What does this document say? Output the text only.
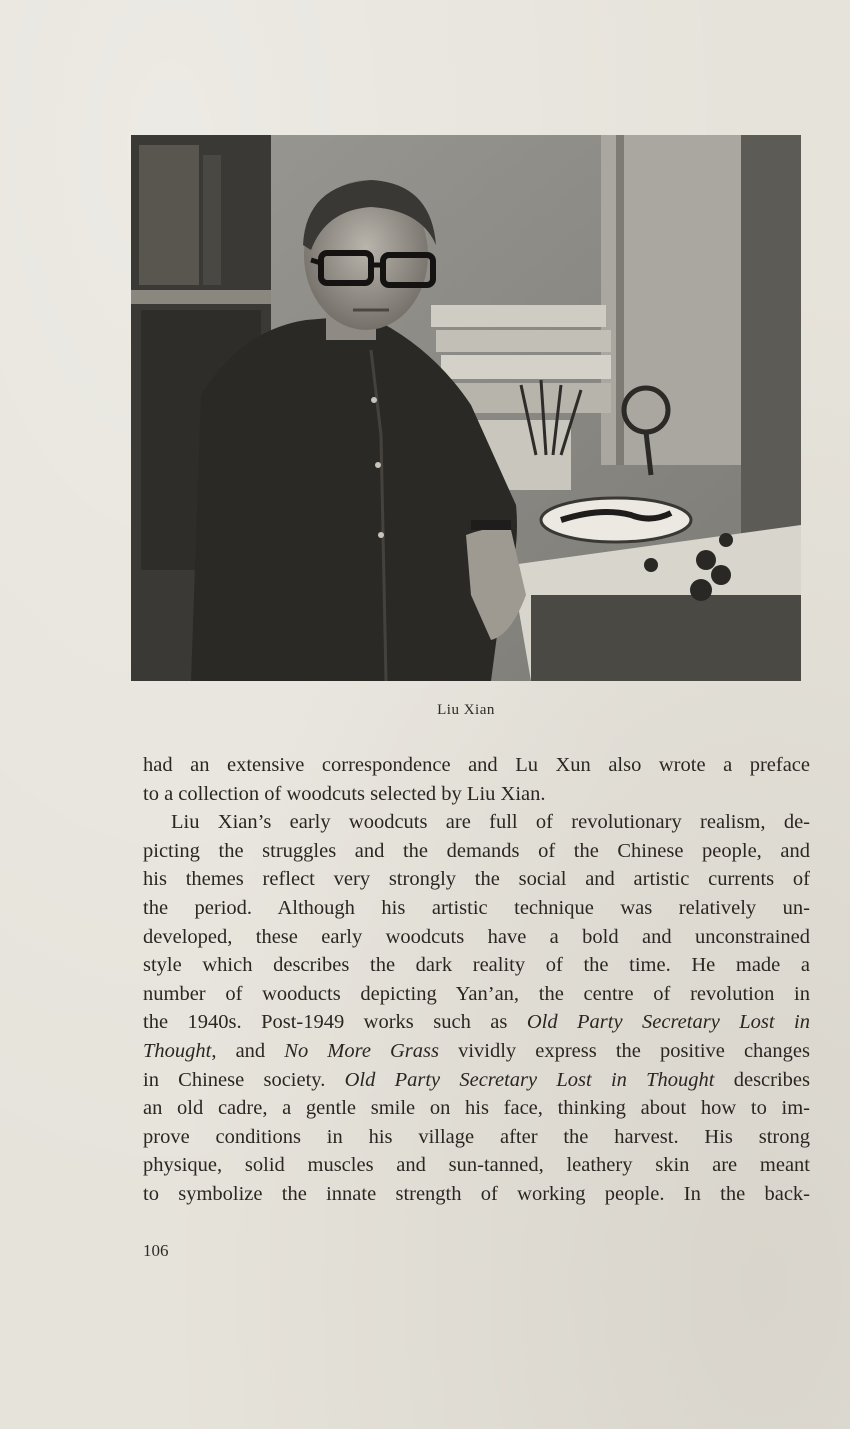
Liu Xian
had an extensive correspondence and Lu Xun also wrote a preface
to a collection of woodcuts selected by Liu Xian.
Liu Xian’s early woodcuts are full of revolutionary realism, de-
picting the struggles and the demands of the Chinese people, and
his themes reflect very strongly the social and artistic currents of
the period. Although his artistic technique was relatively un-
developed, these early woodcuts have a bold and unconstrained
style which describes the dark reality of the time. He made a
number of wooducts depicting Yan’an, the centre of revolution in
the 1940s. Post-1949 works such as Old Party Secretary Lost in
Thought, and No More Grass vividly express the positive changes
in Chinese society. Old Party Secretary Lost in Thought describes
an old cadre, a gentle smile on his face, thinking about how to im-
prove conditions in his village after the harvest. His strong
physique, solid muscles and sun-tanned, leathery skin are meant
to symbolize the innate strength of working people. In the back-
106
